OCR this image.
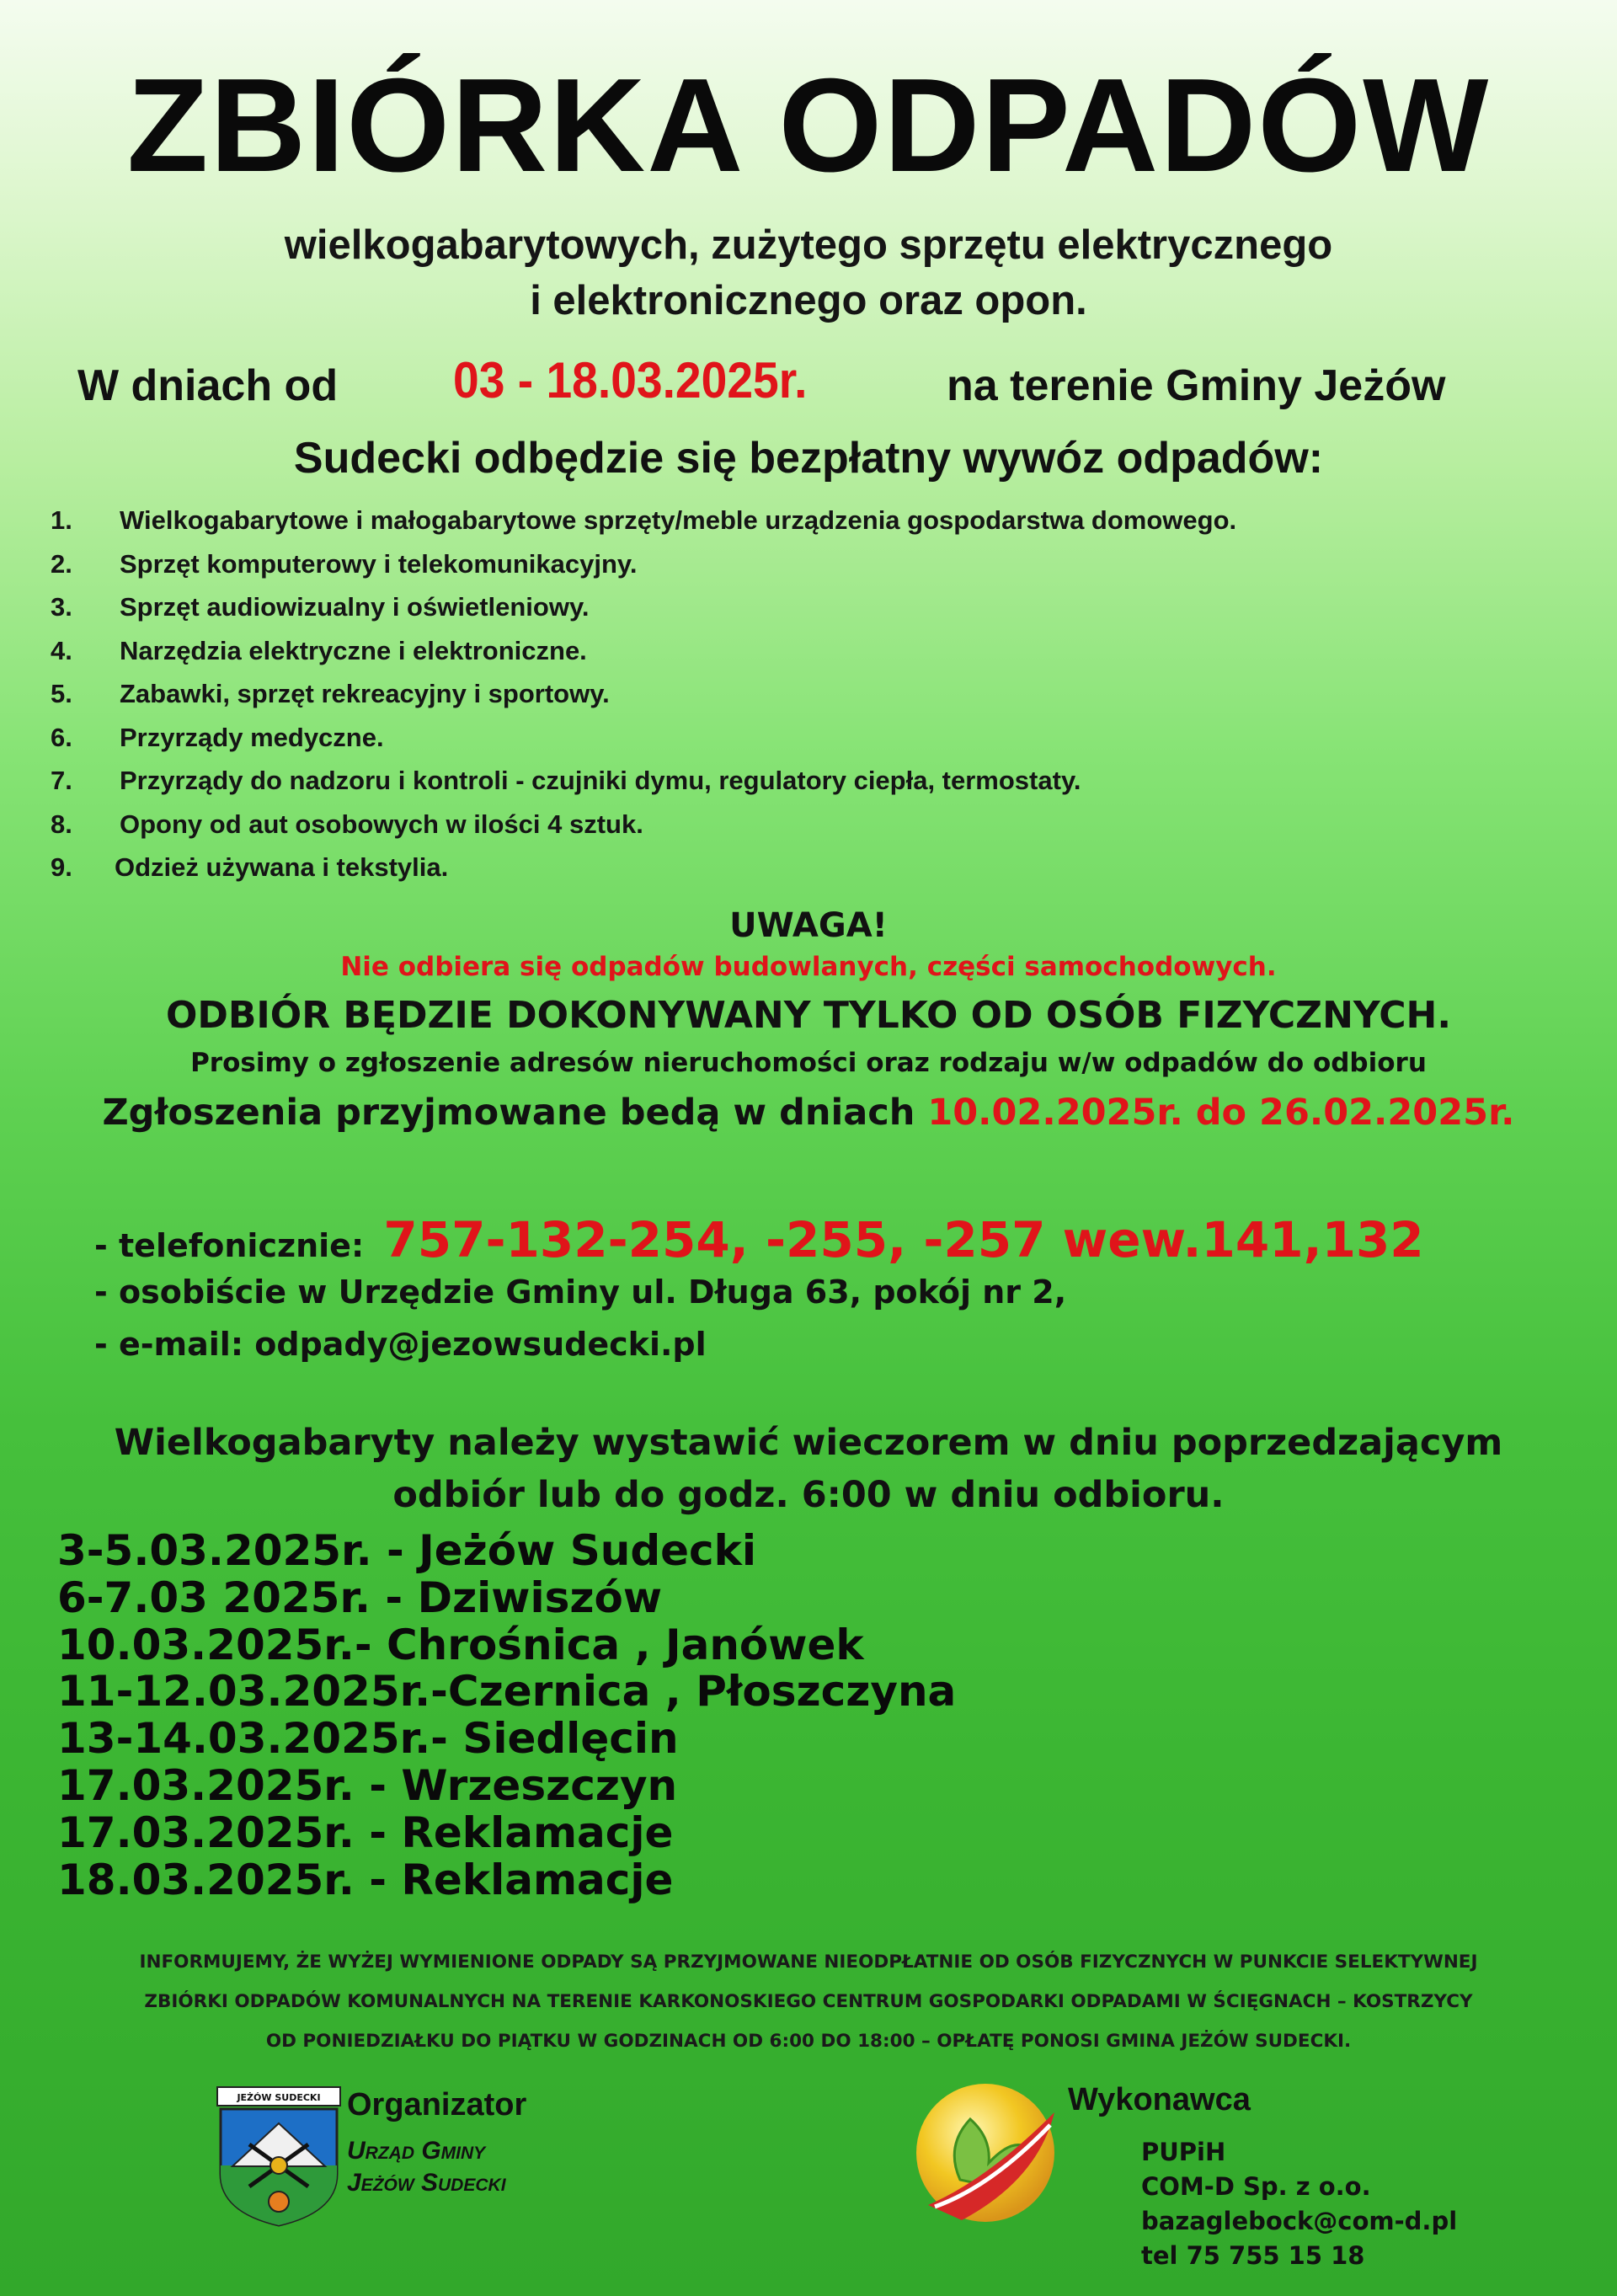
ZBIÓRKA ODPADÓW
wielkogabarytowych, zużytego sprzętu elektrycznego
i elektronicznego oraz opon.
W dniach od 03 - 18.03.2025r.	na terenie Gminy Jeżów
Sudecki odbędzie się bezpłatny wywóz odpadów:
1.	Wielkogabarytowe i małogabarytowe sprzęty/meble urządzenia gospodarstwa domowego.
2.	Sprzęt komputerowy i telekomunikacyjny.
3.	Sprzęt audiowizualny i oświetleniowy.
4.	Narzędzia elektryczne i elektroniczne.
5.	Zabawki, sprzęt rekreacyjny i sportowy.
6.	Przyrządy medyczne.
7.	Przyrządy do nadzoru i kontroli - czujniki dymu, regulatory ciepła, termostaty.
8.	Opony od aut osobowych w ilości 4 sztuk.
9.	Odzież używana i tekstylia.
UWAGA!
Nie odbiera się odpadów budowlanych, części samochodowych.
ODBIÓR BĘDZIE DOKONYWANY TYLKO OD OSÓB FIZYCZNYCH.
Prosimy o zgłoszenie adresów nieruchomości oraz rodzaju w/w odpadów do odbioru
Zgłoszenia przyjmowane bedą w dniach 10.02.2025r. do 26.02.2025r.
- telefonicznie: 757-132-254, -255, -257 wew.141,132
- osobiście w Urzędzie Gminy ul. Długa 63, pokój nr 2,
- e-mail: odpady@jezowsudecki.pl
Wielkogabaryty należy wystawić wieczorem w dniu poprzedzającym
odbiór lub do godz. 6:00 w dniu odbioru.
3-5.03.2025r. - Jeżów Sudecki
6-7.03 2025r. - Dziwiszów
10.03.2025r.- Chrośnica , Janówek
11-12.03.2025r.-Czernica , Płoszczyna
13-14.03.2025r.- Siedlęcin
17.03.2025r. - Wrzeszczyn
17.03.2025r. - Reklamacje
18.03.2025r. - Reklamacje
INFORMUJEMY, ŻE WYŻEJ WYMIENIONE ODPADY SĄ PRZYJMOWANE NIEODPŁATNIE OD OSÓB FIZYCZNYCH W PUNKCIE SELEKTYWNEJ
ZBIÓRKI ODPADÓW KOMUNALNYCH NA TERENIE KARKONOSKIEGO CENTRUM GOSPODARKI ODPADAMI W ŚCIĘGNACH – KOSTRZYCY
OD PONIEDZIAŁKU DO PIĄTKU W GODZINACH OD 6:00 DO 18:00 – OPŁATĘ PONOSI GMINA JEŻÓW SUDECKI.
JEŻÓW SUDECKI Organizator
Urząd Gminy
Jeżów Sudecki
Wykonawca
PUPiH
COM-D Sp. z o.o.
bazaglebock@com-d.pl
tel 75 755 15 18
